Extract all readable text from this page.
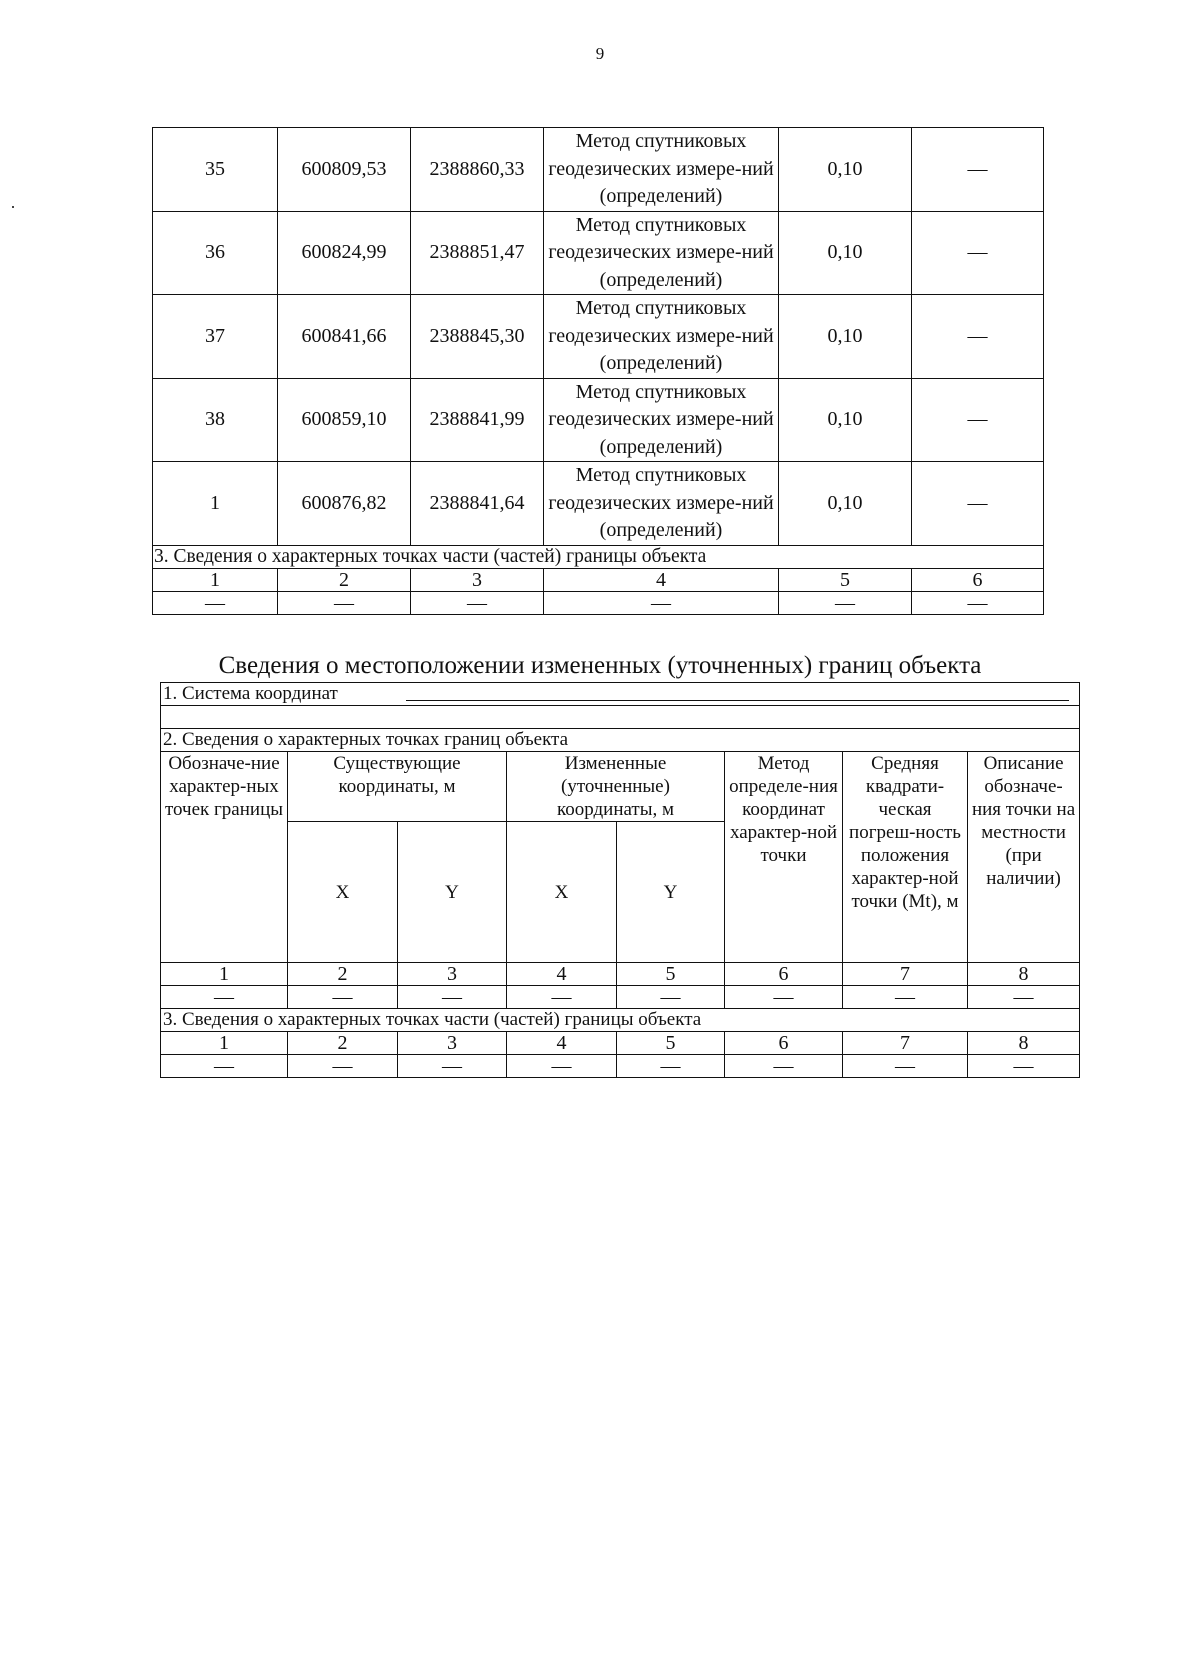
9
35	600809,53	2388860,33	Метод спутниковых геодезических измере-ний (определений)	0,10	—
36	600824,99	2388851,47	Метод спутниковых геодезических измере-ний (определений)	0,10	—
37	600841,66	2388845,30	Метод спутниковых геодезических измере-ний (определений)	0,10	—
38	600859,10	2388841,99	Метод спутниковых геодезических измере-ний (определений)	0,10	—
1	600876,82	2388841,64	Метод спутниковых геодезических измере-ний (определений)	0,10	—
3. Сведения о характерных точках части (частей) границы объекта					
1	2	3	4	5	6
—	—	—	—	—	—
Сведения о местоположении измененных (уточненных) границ объекта
1. Система координат							

2. Сведения о характерных точках границ объекта							
Обозначе-ние характер-ных точек границы	Существующие координаты, м		Измененные (уточненные) координаты, м		Метод определе-ния координат характер-ной точки	Средняя квадрати-ческая погреш-ность положения характер-ной точки (Mt), м	Описание обозначе-ния точки на местности (при наличии)
	X	Y	X	Y			
1	2	3	4	5	6	7	8
—	—	—	—	—	—	—	—
3. Сведения о характерных точках части (частей) границы объекта							
1	2	3	4	5	6	7	8
—	—	—	—	—	—	—	—
